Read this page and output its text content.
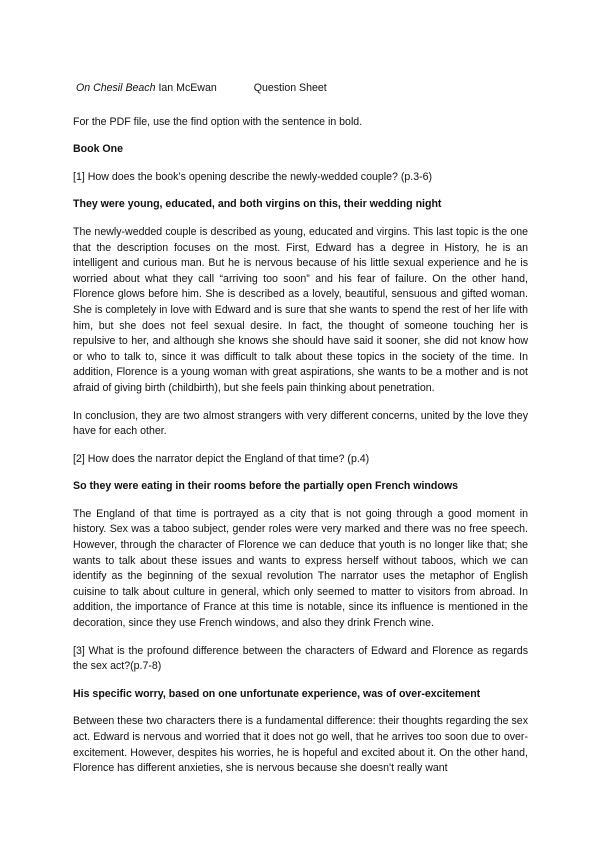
On Chesil Beach Ian McEwan	Question Sheet

For the PDF file, use the find option with the sentence in bold.

Book One

[1] How does the book’s opening describe the newly-wedded couple? (p.3-6)

They were young, educated, and both virgins on this, their wedding night

The newly-wedded couple is described as young, educated and virgins. This last topic is the one that the description focuses on the most. First, Edward has a degree in History, he is an intelligent and curious man. But he is nervous because of his little sexual experience and he is worried about what they call “arriving too soon” and his fear of failure. On the other hand, Florence glows before him. She is described as a lovely, beautiful, sensuous and gifted woman. She is completely in love with Edward and is sure that she wants to spend the rest of her life with him, but she does not feel sexual desire. In fact, the thought of someone touching her is repulsive to her, and although she knows she should have said it sooner, she did not know how or who to talk to, since it was difficult to talk about these topics in the society of the time. In addition, Florence is a young woman with great aspirations, she wants to be a mother and is not afraid of giving birth (childbirth), but she feels pain thinking about penetration.

In conclusion, they are two almost strangers with very different concerns, united by the love they have for each other.

[2] How does the narrator depict the England of that time? (p.4)

So they were eating in their rooms before the partially open French windows

The England of that time is portrayed as a city that is not going through a good moment in history. Sex was a taboo subject, gender roles were very marked and there was no free speech. However, through the character of Florence we can deduce that youth is no longer like that; she wants to talk about these issues and wants to express herself without taboos, which we can identify as the beginning of the sexual revolution The narrator uses the metaphor of English cuisine to talk about culture in general, which only seemed to matter to visitors from abroad. In addition, the importance of France at this time is notable, since its influence is mentioned in the decoration, since they use French windows, and also they drink French wine.

[3] What is the profound difference between the characters of Edward and Florence as regards the sex act?(p.7-8)

His specific worry, based on one unfortunate experience, was of over-excitement

Between these two characters there is a fundamental difference: their thoughts regarding the sex act. Edward is nervous and worried that it does not go well, that he arrives too soon due to over-excitement. However, despites his worries, he is hopeful and excited about it. On the other hand, Florence has different anxieties, she is nervous because she doesn't really want
